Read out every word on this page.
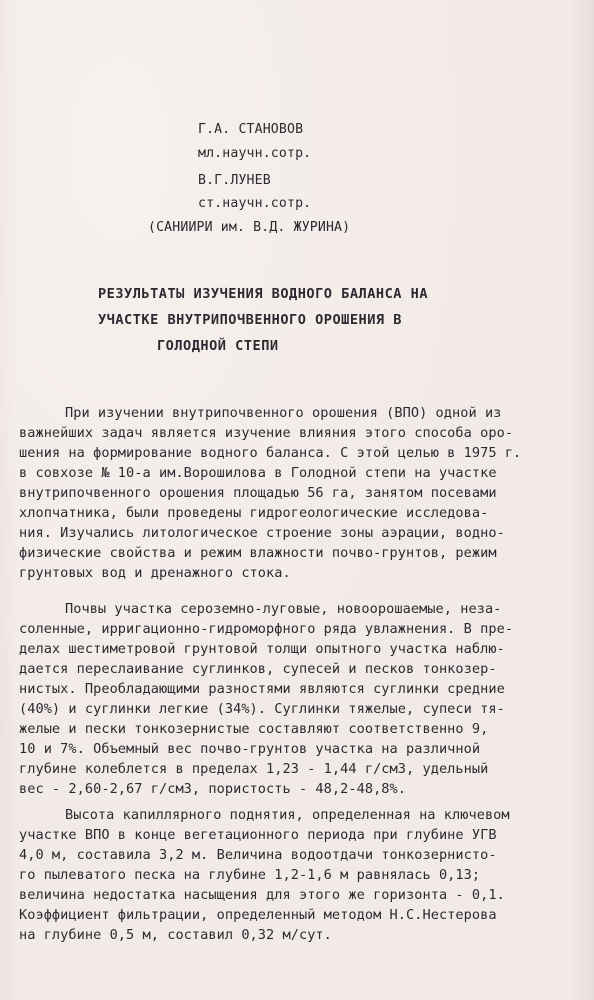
Г.А. СТАНОВОВ
мл.научн.сотр.
В.Г.ЛУНЕВ
ст.научн.сотр.
(САНИИРИ им. В.Д. ЖУРИНА)
РЕЗУЛЬТАТЫ ИЗУЧЕНИЯ ВОДНОГО БАЛАНСА НА
УЧАСТКЕ ВНУТРИПОЧВЕННОГО ОРОШЕНИЯ В
ГОЛОДНОЙ СТЕПИ
При изучении внутрипочвенного орошения (ВПО) одной из
важнейших задач является изучение влияния этого способа оро-
шения на формирование водного баланса. С этой целью в 1975 г.
в совхозе № 10-а им.Ворошилова в Голодной степи на участке
внутрипочвенного орошения площадью 56 га, занятом посевами
хлопчатника, были проведены гидрогеологические исследова-
ния. Изучались литологическое строение зоны аэрации, водно-
физические свойства и режим влажности почво-грунтов, режим
грунтовых вод и дренажного стока.
Почвы участка сероземно-луговые, новоорошаемые, неза-
соленные, ирригационно-гидроморфного ряда увлажнения. В пре-
делах шестиметровой грунтовой толщи опытного участка наблю-
дается переслаивание суглинков, супесей и песков тонкозер-
нистых. Преобладающими разностями являются суглинки средние
(40%) и суглинки легкие (34%). Суглинки тяжелые, супеси тя-
желые и пески тонкозернистые составляют соответственно 9,
10 и 7%. Объемный вес почво-грунтов участка на различной
глубине колеблется в пределах 1,23 - 1,44 г/см3, удельный
вес - 2,60-2,67 г/см3, пористость - 48,2-48,8%.
Высота капиллярного поднятия, определенная на ключевом
участке ВПО в конце вегетационного периода при глубине УГВ
4,0 м, составила 3,2 м. Величина водоотдачи тонкозернисто-
го пылеватого песка на глубине 1,2-1,6 м равнялась 0,13;
величина недостатка насыщения для этого же горизонта - 0,1.
Коэффициент фильтрации, определенный методом Н.С.Нестерова
на глубине 0,5 м, составил 0,32 м/сут.
